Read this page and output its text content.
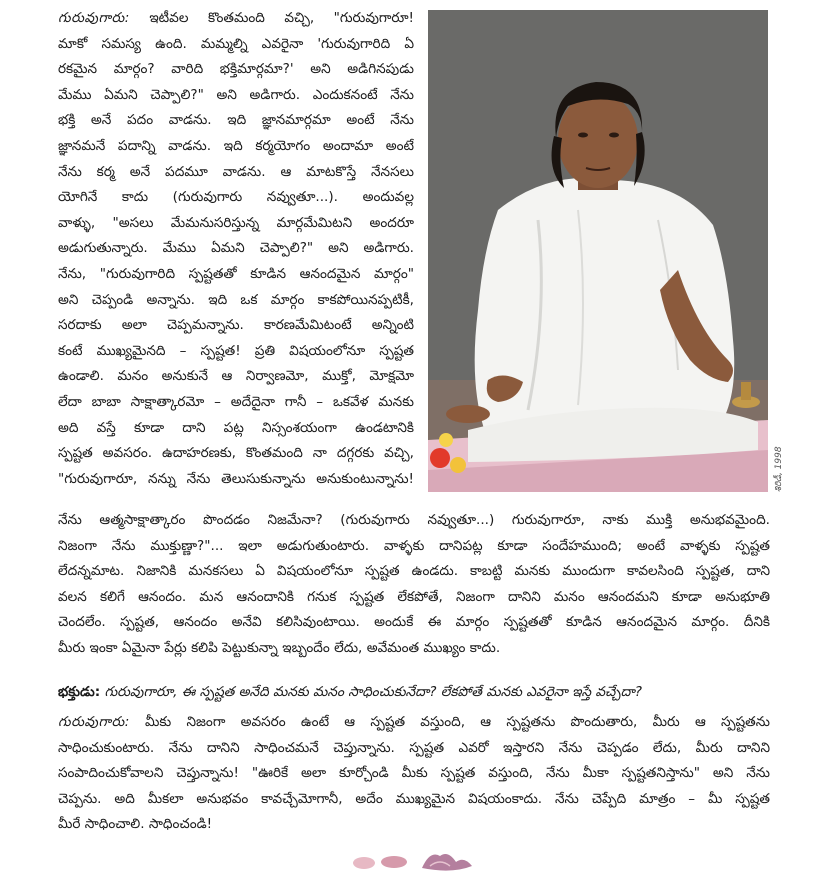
గురువుగారు: ఇటీవల కొంతమంది వచ్చి, "గురువుగారూ!
మాకో సమస్య ఉంది. మమ్మల్ని ఎవరైనా 'గురువుగారిది ఏ
రకమైన మార్గం? వారిది భక్తిమార్గమా?' అని అడిగినపుడు
మేము ఏమని చెప్పాలి?" అని అడిగారు. ఎందుకనంటే నేను
భక్తి అనే పదం వాడను. ఇది జ్ఞానమార్గమా అంటే నేను
జ్ఞానమనే పదాన్ని వాడను. ఇది కర్మయోగం అందామా అంటే
నేను కర్మ అనే పదమూ వాడను. ఆ మాటకొస్తే నేనసలు
యోగినే కాదు (గురువుగారు నవ్వుతూ...). అందువల్ల
వాళ్ళు, "అసలు మేమనుసరిస్తున్న మార్గమేమిటని అందరూ
అడుగుతున్నారు. మేము ఏమని చెప్పాలి?" అని అడిగారు.
నేను, "గురువుగారిది స్పష్టతతో కూడిన ఆనందమైన మార్గం"
అని చెప్పండి అన్నాను. ఇది ఒక మార్గం కాకపోయినప్పటికీ,
సరదాకు అలా చెప్పమన్నాను. కారణమేమిటంటే అన్నింటి
కంటే ముఖ్యమైనది – స్పష్టత! ప్రతి విషయంలోనూ స్పష్టత
ఉండాలి. మనం అనుకునే ఆ నిర్వాణమో, ముక్తో, మోక్షమో
లేదా బాబా సాక్షాత్కారమో – అదేదైనా గానీ – ఒకవేళ మనకు
అది వస్తే కూడా దాని పట్ల నిస్సంశయంగా ఉండటానికి
స్పష్టత అవసరం. ఉదాహరణకు, కొంతమంది నా దగ్గరకు వచ్చి,
"గురువుగారూ, నన్ను నేను తెలుసుకున్నాను అనుకుంటున్నాను!
నేను ఆత్మసాక్షాత్కారం పొందడం నిజమేనా? (గురువుగారు నవ్వుతూ...) గురువుగారూ, నాకు ముక్తి అనుభవమైంది.
నిజంగా నేను ముక్తుణ్ణా?"... ఇలా అడుగుతుంటారు. వాళ్ళకు దానిపట్ల కూడా సందేహముంది; అంటే వాళ్ళకు స్పష్టత
లేదన్నమాట. నిజానికి మనకసలు ఏ విషయంలోనూ స్పష్టత ఉండదు. కాబట్టి మనకు ముందుగా కావలసింది స్పష్టత, దాని
వలన కలిగే ఆనందం. మన ఆనందానికి గనుక స్పష్టత లేకపోతే, నిజంగా దానిని మనం ఆనందమని కూడా అనుభూతి
చెందలేం. స్పష్టత, ఆనందం అనేవి కలిసివుంటాయి. అందుకే ఈ మార్గం స్పష్టతతో కూడిన ఆనందమైన మార్గం. దీనికి
మీరు ఇంకా ఏమైనా పేర్లు కలిపి పెట్టుకున్నా ఇబ్బందేం లేదు, అవేమంత ముఖ్యం కాదు.
భక్తుడు: గురువుగారూ, ఈ స్పష్టత అనేది మనకు మనం సాధించుకునేదా? లేకపోతే మనకు ఎవరైనా ఇస్తే వచ్చేదా?
గురువుగారు: మీకు నిజంగా అవసరం ఉంటే ఆ స్పష్టత వస్తుంది, ఆ స్పష్టతను పొందుతారు, మీరు ఆ స్పష్టతను
సాధించుకుంటారు. నేను దానిని సాధించమనే చెప్తున్నాను. స్పష్టత ఎవరో ఇస్తారని నేను చెప్పడం లేదు, మీరు దానిని
సంపాదించుకోవాలని చెప్తున్నాను! "ఊరికే అలా కూర్చోండి మీకు స్పష్టత వస్తుంది, నేను మీకా స్పష్టతనిస్తాను" అని నేను
చెప్పను. అది మీకలా అనుభవం కావచ్చేమోగానీ, అదేం ముఖ్యమైన విషయంకాదు. నేను చెప్పేది మాత్రం – మీ స్పష్టత
మీరే సాధించాలి. సాధించండి!
శిరిడీ, 1998
